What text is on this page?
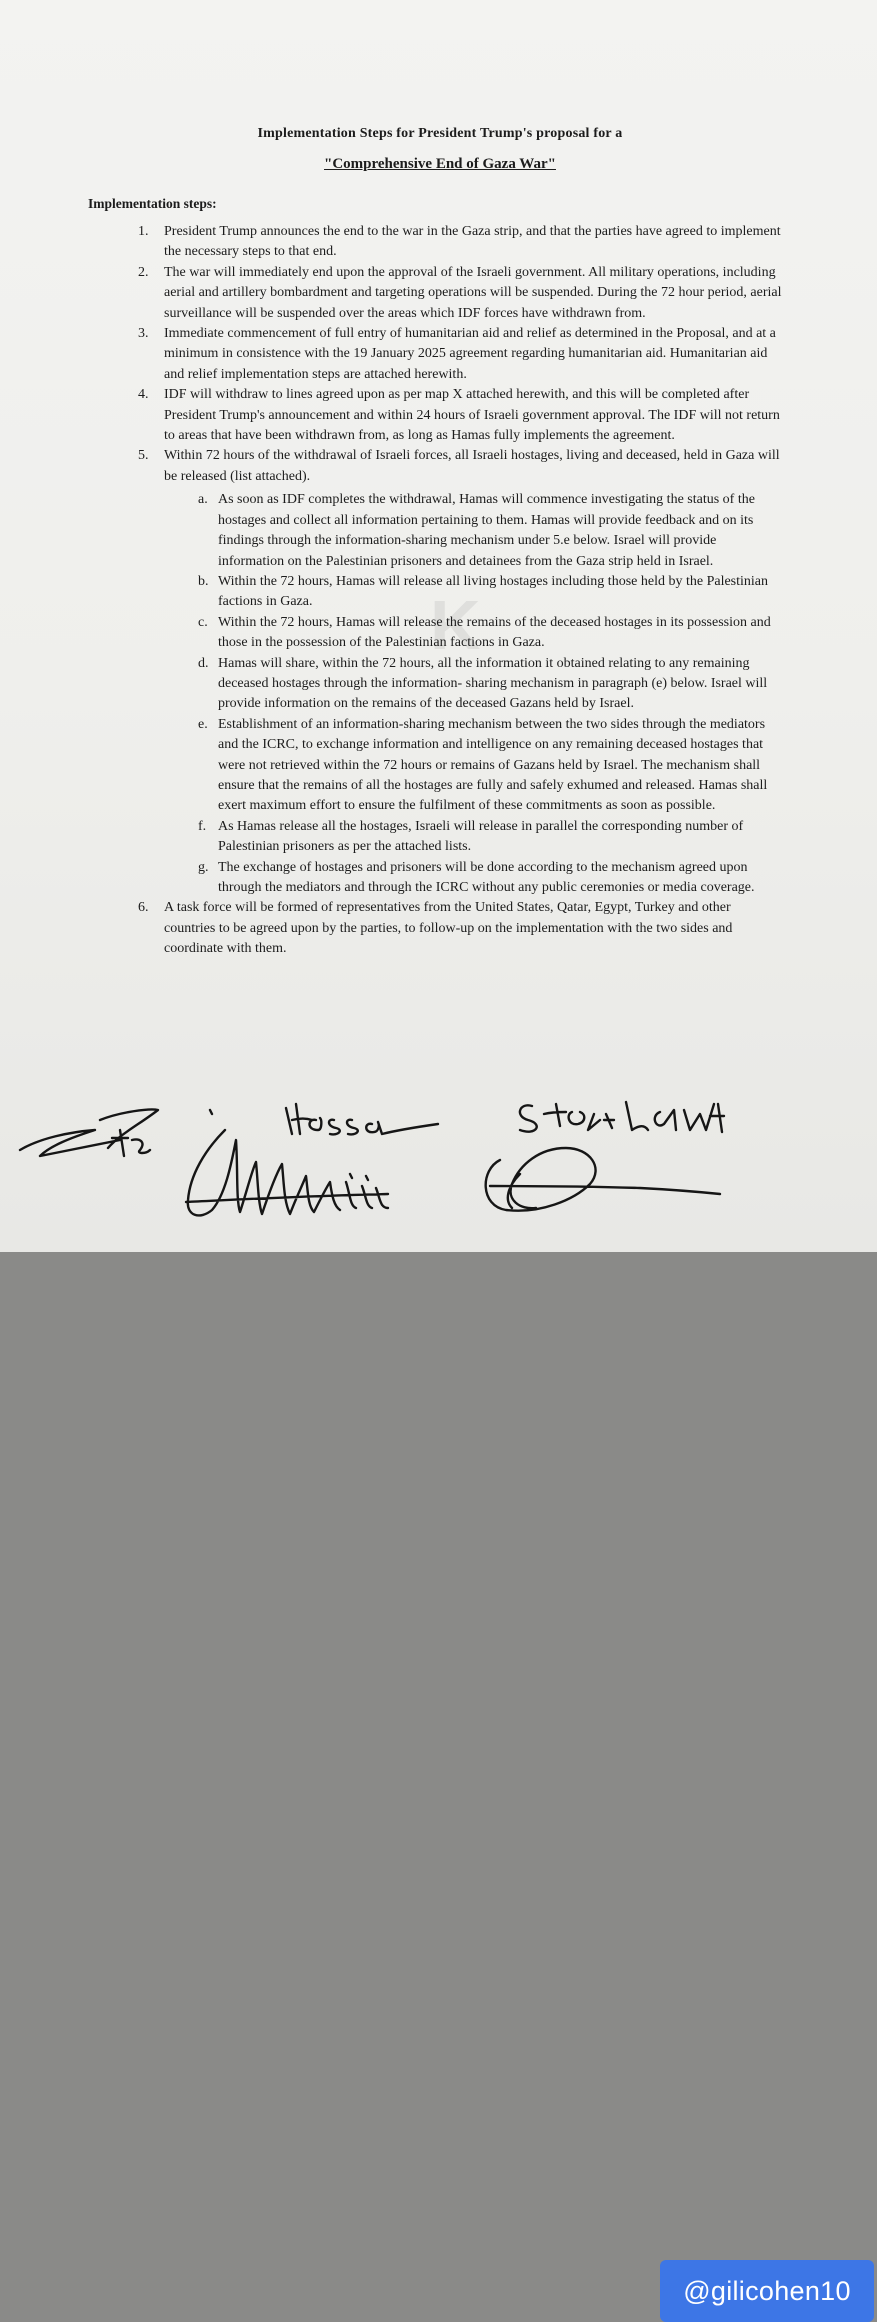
K
Implementation Steps for President Trump's proposal for a
"Comprehensive End of Gaza War"
Implementation steps:
1. President Trump announces the end to the war in the Gaza strip, and that the parties have agreed to implement the necessary steps to that end.
2. The war will immediately end upon the approval of the Israeli government. All military operations, including aerial and artillery bombardment and targeting operations will be suspended. During the 72 hour period, aerial surveillance will be suspended over the areas which IDF forces have withdrawn from.
3. Immediate commencement of full entry of humanitarian aid and relief as determined in the Proposal, and at a minimum in consistence with the 19 January 2025 agreement regarding humanitarian aid. Humanitarian aid and relief implementation steps are attached herewith.
4. IDF will withdraw to lines agreed upon as per map X attached herewith, and this will be completed after President Trump's announcement and within 24 hours of Israeli government approval. The IDF will not return to areas that have been withdrawn from, as long as Hamas fully implements the agreement.
5. Within 72 hours of the withdrawal of Israeli forces, all Israeli hostages, living and deceased, held in Gaza will be released (list attached).
a. As soon as IDF completes the withdrawal, Hamas will commence investigating the status of the hostages and collect all information pertaining to them. Hamas will provide feedback and on its findings through the information-sharing mechanism under 5.e below. Israel will provide information on the Palestinian prisoners and detainees from the Gaza strip held in Israel.
b. Within the 72 hours, Hamas will release all living hostages including those held by the Palestinian factions in Gaza.
c. Within the 72 hours, Hamas will release the remains of the deceased hostages in its possession and those in the possession of the Palestinian factions in Gaza.
d. Hamas will share, within the 72 hours, all the information it obtained relating to any remaining deceased hostages through the information- sharing mechanism in paragraph (e) below. Israel will provide information on the remains of the deceased Gazans held by Israel.
e. Establishment of an information-sharing mechanism between the two sides through the mediators and the ICRC, to exchange information and intelligence on any remaining deceased hostages that were not retrieved within the 72 hours or remains of Gazans held by Israel. The mechanism shall ensure that the remains of all the hostages are fully and safely exhumed and released. Hamas shall exert maximum effort to ensure the fulfilment of these commitments as soon as possible.
f. As Hamas release all the hostages, Israeli will release in parallel the corresponding number of Palestinian prisoners as per the attached lists.
g. The exchange of hostages and prisoners will be done according to the mechanism agreed upon through the mediators and through the ICRC without any public ceremonies or media coverage.
6. A task force will be formed of representatives from the United States, Qatar, Egypt, Turkey and other countries to be agreed upon by the parties, to follow-up on the implementation with the two sides and coordinate with them.
@gilicohen10
